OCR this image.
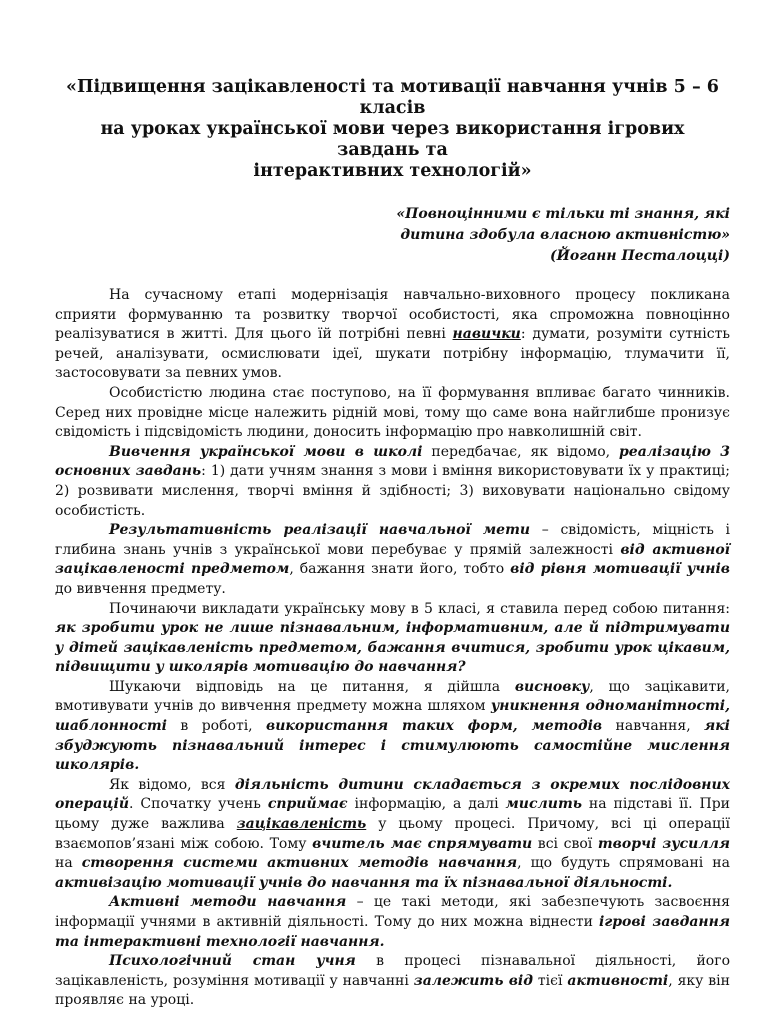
«Підвищення зацікавленості та мотивації навчання учнів 5 – 6 класів
на уроках української мови через використання ігрових завдань та
інтерактивних технологій»
«Повноцінними є тільки ті знання, які
дитина здобула власною активністю»
(Йоганн Песталоцці)

На сучасному етапі модернізація навчально-виховного процесу покликана сприяти формуванню та розвитку творчої особистості, яка спроможна повноцінно реалізуватися в житті. Для цього їй потрібні певні навички: думати, розуміти сутність речей, аналізувати, осмислювати ідеї, шукати потрібну інформацію, тлумачити її, застосовувати за певних умов.

Особистістю людина стає поступово, на її формування впливає багато чинників. Серед них провідне місце належить рідній мові, тому що саме вона найглибше пронизує свідомість і підсвідомість людини, доносить інформацію про навколишній світ.

Вивчення української мови в школі передбачає, як відомо, реалізацію 3 основних завдань: 1) дати учням знання з мови і вміння використовувати їх у практиці; 2) розвивати мислення, творчі вміння й здібності; 3) виховувати національно свідому особистість.

Результативність реалізації навчальної мети – свідомість, міцність і глибина знань учнів з української мови перебуває у прямій залежності від активної зацікавленості предметом, бажання знати його, тобто від рівня мотивації учнів до вивчення предмету.

Починаючи викладати українську мову в 5 класі, я ставила перед собою питання: як зробити урок не лише пізнавальним, інформативним, але й підтримувати у дітей зацікавленість предметом, бажання вчитися, зробити урок цікавим, підвищити у школярів мотивацію до навчання?

Шукаючи відповідь на це питання, я дійшла висновку, що зацікавити, вмотивувати учнів до вивчення предмету можна шляхом уникнення одноманітності, шаблонності в роботі, використання таких форм, методів навчання, які збуджують пізнавальний інтерес і стимулюють самостійне мислення школярів.

Як відомо, вся діяльність дитини складається з окремих послідовних операцій. Спочатку учень сприймає інформацію, а далі мислить на підставі її. При цьому дуже важлива зацікавленість у цьому процесі. Причому, всі ці операції взаємопов’язані між собою. Тому вчитель має спрямувати всі свої творчі зусилля на створення системи активних методів навчання, що будуть спрямовані на активізацію мотивації учнів до навчання та їх пізнавальної діяльності.

Активні методи навчання – це такі методи, які забезпечують засвоєння інформації учнями в активній діяльності. Тому до них можна віднести ігрові завдання та інтерактивні технології навчання.

Психологічний стан учня в процесі пізнавальної діяльності, його зацікавленість, розуміння мотивації у навчанні залежить від тієї активності, яку він проявляє на уроці.
